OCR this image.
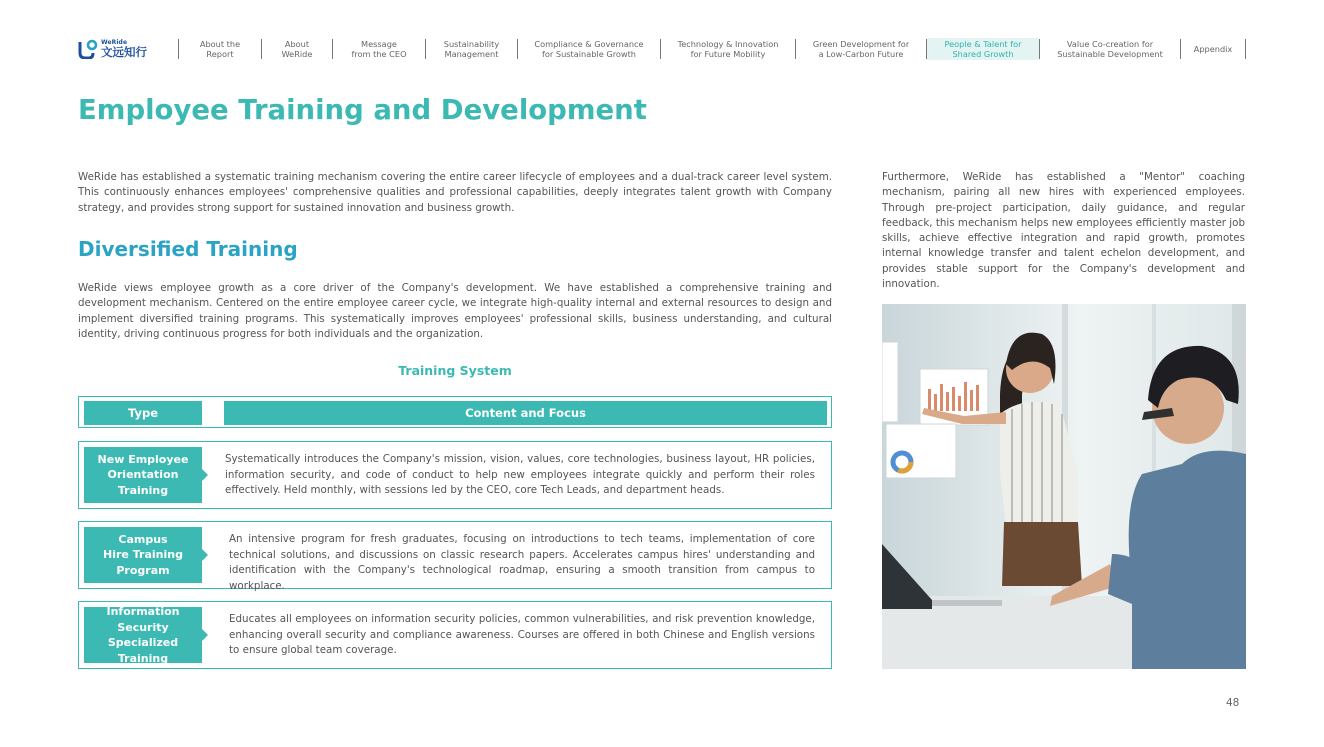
WeRide
文远知行
About the
Report
About
WeRide
Message
from the CEO
Sustainability
Management
Compliance & Governance
for Sustainable Growth
Technology & Innovation
for Future Mobility
Green Development for
a Low-Carbon Future
People & Talent for
Shared Growth
Value Co-creation for
Sustainable Development	Appendix
Employee Training and Development

WeRide has established a systematic training mechanism covering the entire career lifecycle of employees and a dual-track career level system. This continuously enhances employees' comprehensive qualities and professional capabilities, deeply integrates talent growth with Company strategy, and provides strong support for sustained innovation and business growth.

Diversified Training

WeRide views employee growth as a core driver of the Company's development. We have established a comprehensive training and development mechanism. Centered on the entire employee career cycle, we integrate high-quality internal and external resources to design and implement diversified training programs. This systematically improves employees' professional skills, business understanding, and cultural identity, driving continuous progress for both individuals and the organization.

Furthermore, WeRide has established a "Mentor" coaching mechanism, pairing all new hires with experienced employees. Through pre-project participation, daily guidance, and regular feedback, this mechanism helps new employees efficiently master job skills, achieve effective integration and rapid growth, promotes internal knowledge transfer and talent echelon development, and provides stable support for the Company's development and innovation.

Training System
Type	Content and Focus
New Employee
Orientation
Training

Systematically introduces the Company's mission, vision, values, core technologies, business layout, HR policies, information security, and code of conduct to help new employees integrate quickly and perform their roles effectively. Held monthly, with sessions led by the CEO, core Tech Leads, and department heads.

Campus
Hire Training
Program

An intensive program for fresh graduates, focusing on introductions to tech teams, implementation of core technical solutions, and discussions on classic research papers. Accelerates campus hires' understanding and identification with the Company's technological roadmap, ensuring a smooth transition from campus to workplace.

Information
Security Specialized
Training

Educates all employees on information security policies, common vulnerabilities, and risk prevention knowledge, enhancing overall security and compliance awareness. Courses are offered in both Chinese and English versions to ensure global team coverage.

48
